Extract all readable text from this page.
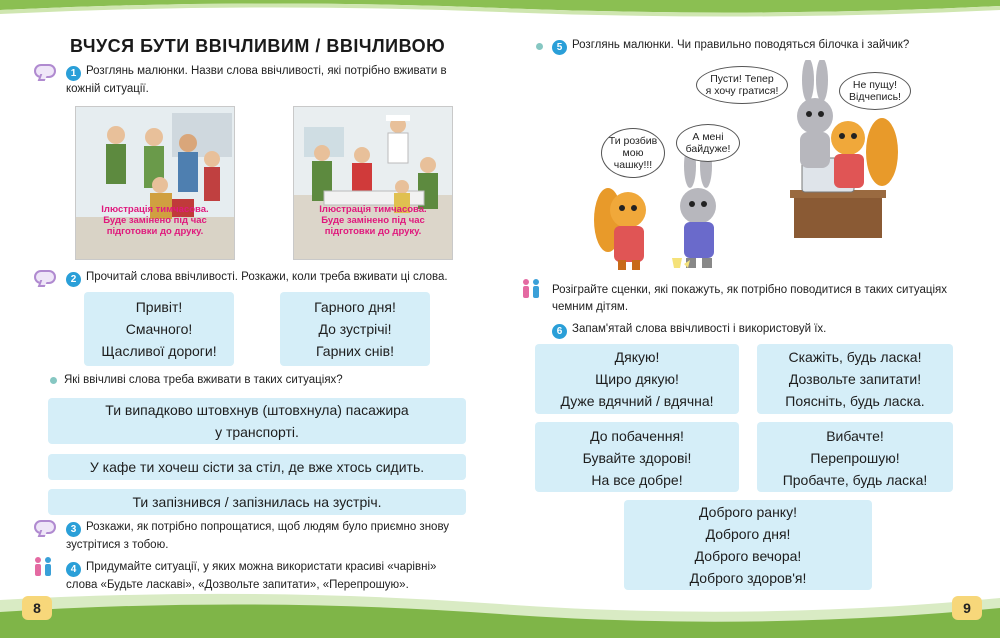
8	9
ВЧУСЯ БУТИ ВВІЧЛИВИМ / ВВІЧЛИВОЮ
1 Розглянь малюнки. Назви слова ввічливості, які потрібно вживати в кожній ситуації.
Ілюстрація тимчасова.
Буде замінено під час
підготовки до друку.
Ілюстрація тимчасова.
Буде замінено під час
підготовки до друку.
2 Прочитай слова ввічливості. Розкажи, коли треба вживати ці слова.
Привіт!
Смачного!
Щасливої дороги!
Гарного дня!
До зустрічі!
Гарних снів!
Які ввічливі слова треба вживати в таких ситуаціях?
Ти випадково штовхнув (штовхнула) пасажира
у транспорті.
У кафе ти хочеш сісти за стіл, де вже хтось сидить.
Ти запізнився / запізнилась на зустріч.
3 Розкажи, як потрібно попрощатися, щоб людям було приємно знову зустрітися з тобою.
4 Придумайте ситуації, у яких можна використати красиві «чарівні» слова «Будьте ласкаві», «Дозвольте запитати», «Перепрошую».
5 Розглянь малюнки. Чи правильно поводяться білочка і зайчик?
Ти розбив
мою
чашку!!!
А мені
байдуже!
Пусти! Тепер
я хочу гратися!	Не пущу!
Відчепись!
Розіграйте сценки, які покажуть, як потрібно поводитися в таких ситуаціях чемним дітям.
6 Запам'ятай слова ввічливості і використовуй їх.
Дякую!
Щиро дякую!
Дуже вдячний / вдячна!
Скажіть, будь ласка!
Дозвольте запитати!
Поясніть, будь ласка.
До побачення!
Бувайте здорові!
На все добре!
Вибачте!
Перепрошую!
Пробачте, будь ласка!
Доброго ранку!
Доброго дня!
Доброго вечора!
Доброго здоров'я!
